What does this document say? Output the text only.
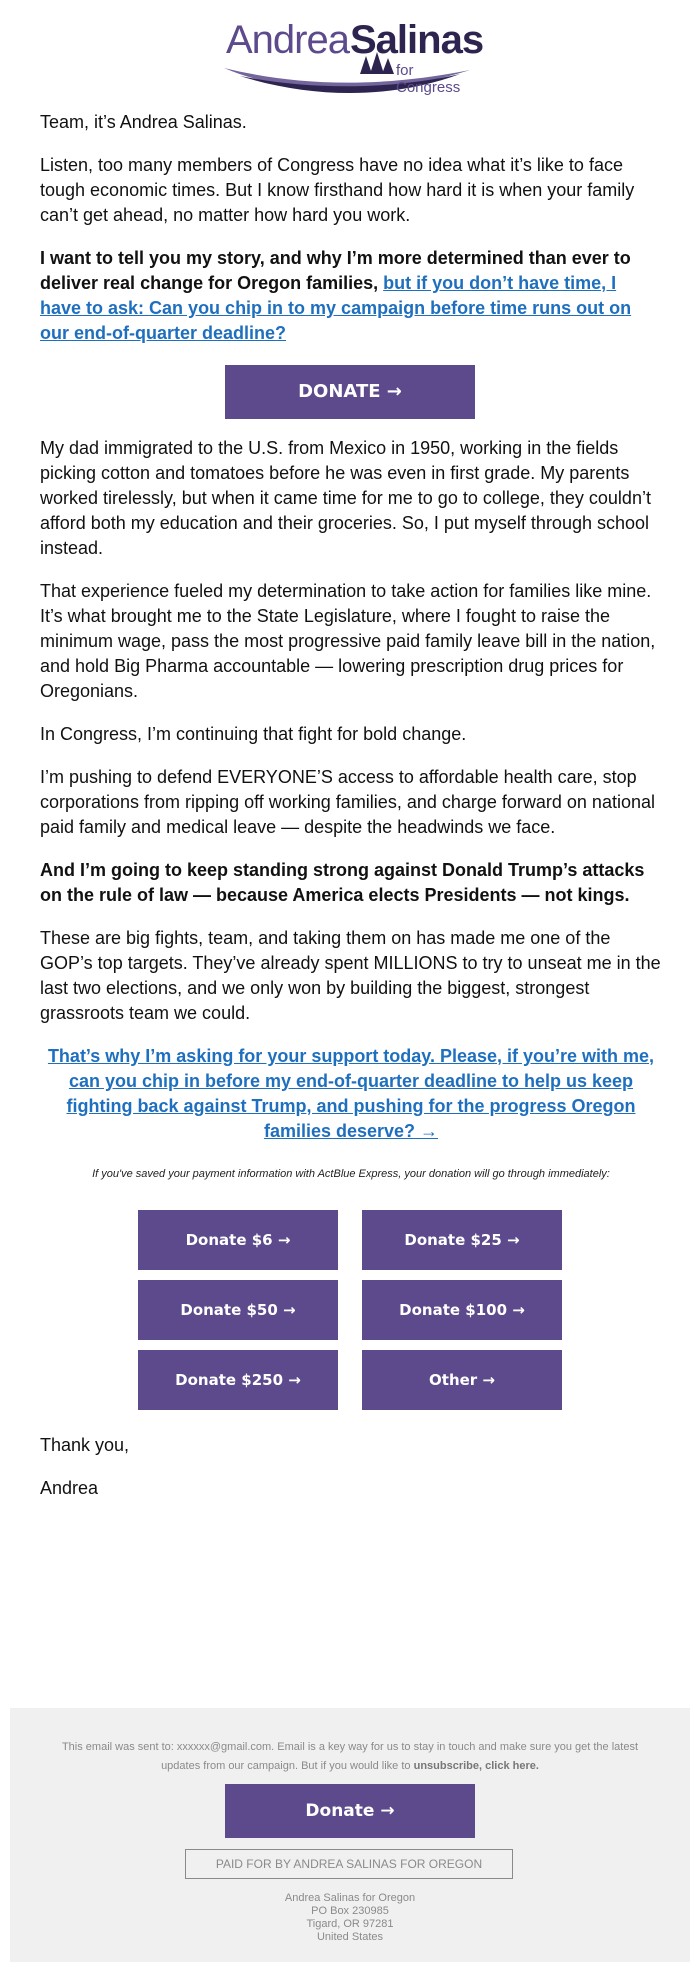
Andrea Salinas
for Congress

Team, it’s Andrea Salinas.

Listen, too many members of Congress have no idea what it’s like to face tough economic times. But I know firsthand how hard it is when your family can’t get ahead, no matter how hard you work.

I want to tell you my story, and why I’m more determined than ever to deliver real change for Oregon families, but if you don’t have time, I have to ask: Can you chip in to my campaign before time runs out on our end-of-quarter deadline?

DONATE →

My dad immigrated to the U.S. from Mexico in 1950, working in the fields picking cotton and tomatoes before he was even in first grade. My parents worked tirelessly, but when it came time for me to go to college, they couldn’t afford both my education and their groceries. So, I put myself through school instead.

That experience fueled my determination to take action for families like mine. It’s what brought me to the State Legislature, where I fought to raise the minimum wage, pass the most progressive paid family leave bill in the nation, and hold Big Pharma accountable — lowering prescription drug prices for Oregonians.

In Congress, I’m continuing that fight for bold change.

I’m pushing to defend EVERYONE’S access to affordable health care, stop corporations from ripping off working families, and charge forward on national paid family and medical leave — despite the headwinds we face.

And I’m going to keep standing strong against Donald Trump’s attacks on the rule of law — because America elects Presidents — not kings.

These are big fights, team, and taking them on has made me one of the GOP’s top targets. They’ve already spent MILLIONS to try to unseat me in the last two elections, and we only won by building the biggest, strongest grassroots team we could.

That’s why I’m asking for your support today. Please, if you’re with me, can you chip in before my end-of-quarter deadline to help us keep fighting back against Trump, and pushing for the progress Oregon families deserve? →

If you've saved your payment information with ActBlue Express, your donation will go through immediately:
Donate $6 →	Donate $25 →
Donate $50 →	Donate $100 →
Donate $250 →	Other →

Thank you,

Andrea

This email was sent to: xxxxxx@gmail.com. Email is a key way for us to stay in touch and make sure you get the latest updates from our campaign. But if you would like to unsubscribe, click here.
Donate →
PAID FOR BY ANDREA SALINAS FOR OREGON
Andrea Salinas for Oregon
PO Box 230985
Tigard, OR 97281
United States
